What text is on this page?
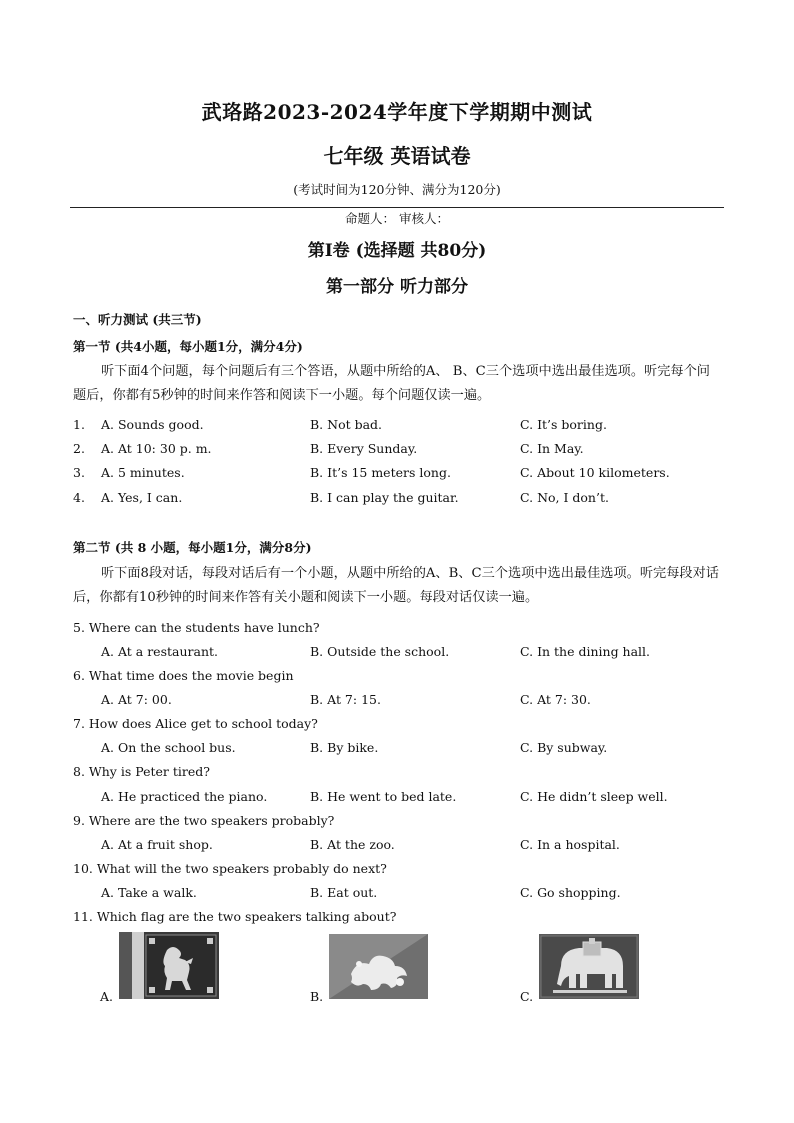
武珞路2023-2024学年度下学期期中测试
七年级 英语试卷
(考试时间为120分钟、满分为120分)
命题人： 审核人：
第Ⅰ卷 (选择题 共80分)
第一部分 听力部分
一、听力测试 (共三节)
第一节 (共4小题，每小题1分，满分4分)
听下面4个问题，每个问题后有三个答语，从题中所给的A、 B、C三个选项中选出最佳选项。听完每个问题后，你都有5秒钟的时间来作答和阅读下一小题。每个问题仅读一遍。
1. A. Sounds good.	B. Not bad.	C. It’s boring.
2. A. At 10: 30 p. m.	B. Every Sunday.	C. In May.
3. A. 5 minutes.	B. It’s 15 meters long.	C. About 10 kilometers.
4. A. Yes, I can.	B. I can play the guitar.	C. No, I don’t.
第二节 (共 8 小题，每小题1分，满分8分)
听下面8段对话，每段对话后有一个小题，从题中所给的A、B、C三个选项中选出最佳选项。听完每段对话后，你都有10秒钟的时间来作答有关小题和阅读下一小题。每段对话仅读一遍。
5. Where can the students have lunch?
A. At a restaurant.	B. Outside the school.	C. In the dining hall.
6. What time does the movie begin
A. At 7: 00.	B. At 7: 15.	C. At 7: 30.
7. How does Alice get to school today?
A. On the school bus.	B. By bike.	C. By subway.
8. Why is Peter tired?
A. He practiced the piano.	B. He went to bed late.	C. He didn’t sleep well.
9. Where are the two speakers probably?
A. At a fruit shop.	B. At the zoo.	C. In a hospital.
10. What will the two speakers probably do next?
A. Take a walk.	B. Eat out.	C. Go shopping.
11. Which flag are the two speakers talking about?
A.	B.	C.
